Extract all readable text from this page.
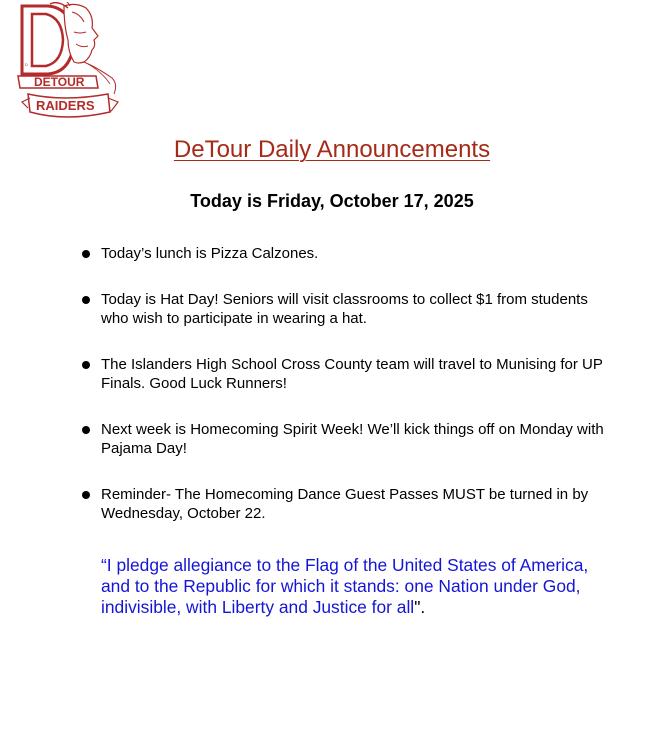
D
DETOUR
RAIDERS
DeTour Daily Announcements
Today is Friday, October 17, 2025
Today’s lunch is Pizza Calzones.
Today is Hat Day! Seniors will visit classrooms to collect $1 from students who wish to participate in wearing a hat.
The Islanders High School Cross County team will travel to Munising for UP Finals. Good Luck Runners!
Next week is Homecoming Spirit Week! We’ll kick things off on Monday with Pajama Day!
Reminder- The Homecoming Dance Guest Passes MUST be turned in by Wednesday, October 22.

“I pledge allegiance to the Flag of the United States of America, and to the Republic for which it stands: one Nation under God, indivisible, with Liberty and Justice for all".
